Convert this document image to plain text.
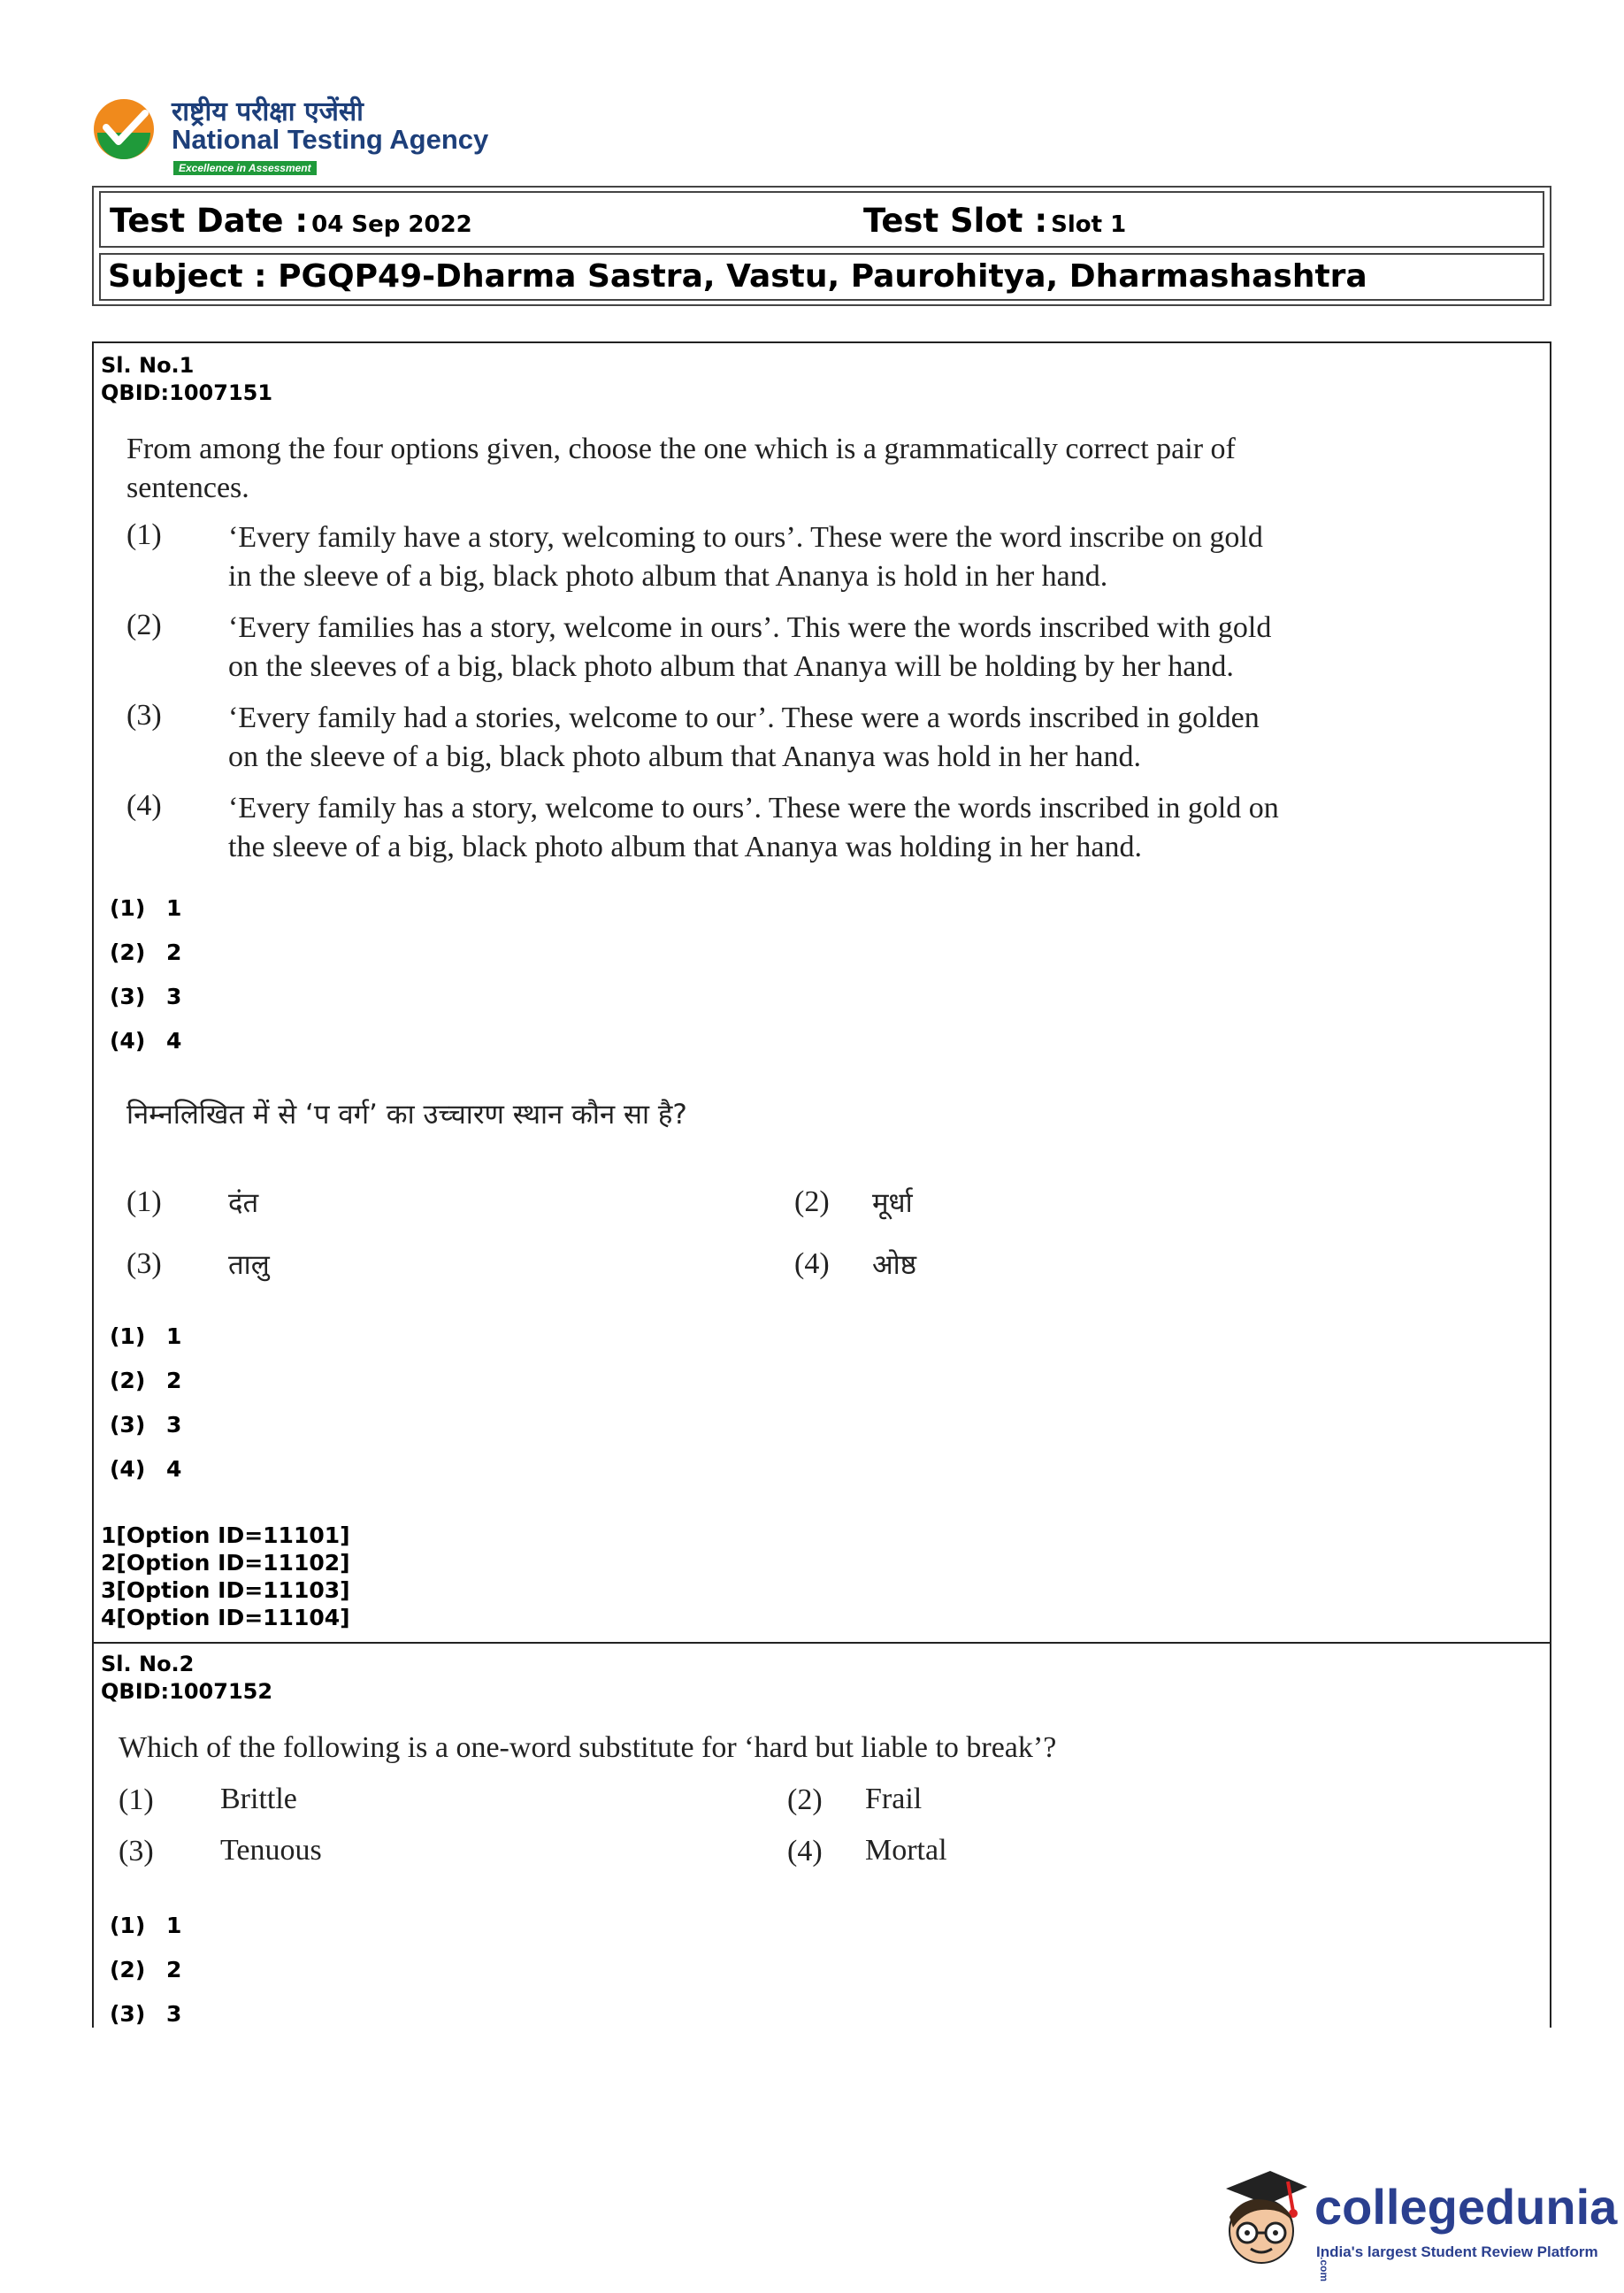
राष्ट्रीय परीक्षा एजेंसी
National Testing Agency
Excellence in Assessment
Test Date : 04 Sep 2022	Test Slot : Slot 1
Subject : PGQP49-Dharma Sastra, Vastu, Paurohitya, Dharmashashtra
Sl. No.1
QBID:1007151
From among the four options given, choose the one which is a grammatically correct pair of
sentences.
(1) ‘Every family have a story, welcoming to ours’. These were the word inscribe on gold
in the sleeve of a big, black photo album that Ananya is hold in her hand.
(2) ‘Every families has a story, welcome in ours’. This were the words inscribed with gold
on the sleeves of a big, black photo album that Ananya will be holding by her hand.
(3) ‘Every family had a stories, welcome to our’. These were a words inscribed in golden
on the sleeve of a big, black photo album that Ananya was hold in her hand.
(4) ‘Every family has a story, welcome to ours’. These were the words inscribed in gold on
the sleeve of a big, black photo album that Ananya was holding in her hand.
(1) 1
(2) 2
(3) 3
(4) 4
निम्नलिखित में से ‘प वर्ग’ का उच्चारण स्थान कौन सा है?
(1) दंत	(2) मूर्धा
(3) तालु	(4) ओष्ठ
(1) 1
(2) 2
(3) 3
(4) 4
1[Option ID=11101]
2[Option ID=11102]
3[Option ID=11103]
4[Option ID=11104]
Sl. No.2
QBID:1007152
Which of the following is a one-word substitute for ‘hard but liable to break’?
(1) Brittle	(2) Frail
(3) Tenuous	(4) Mortal
(1) 1
(2) 2
(3) 3
collegedunia.com
India's largest Student Review Platform
